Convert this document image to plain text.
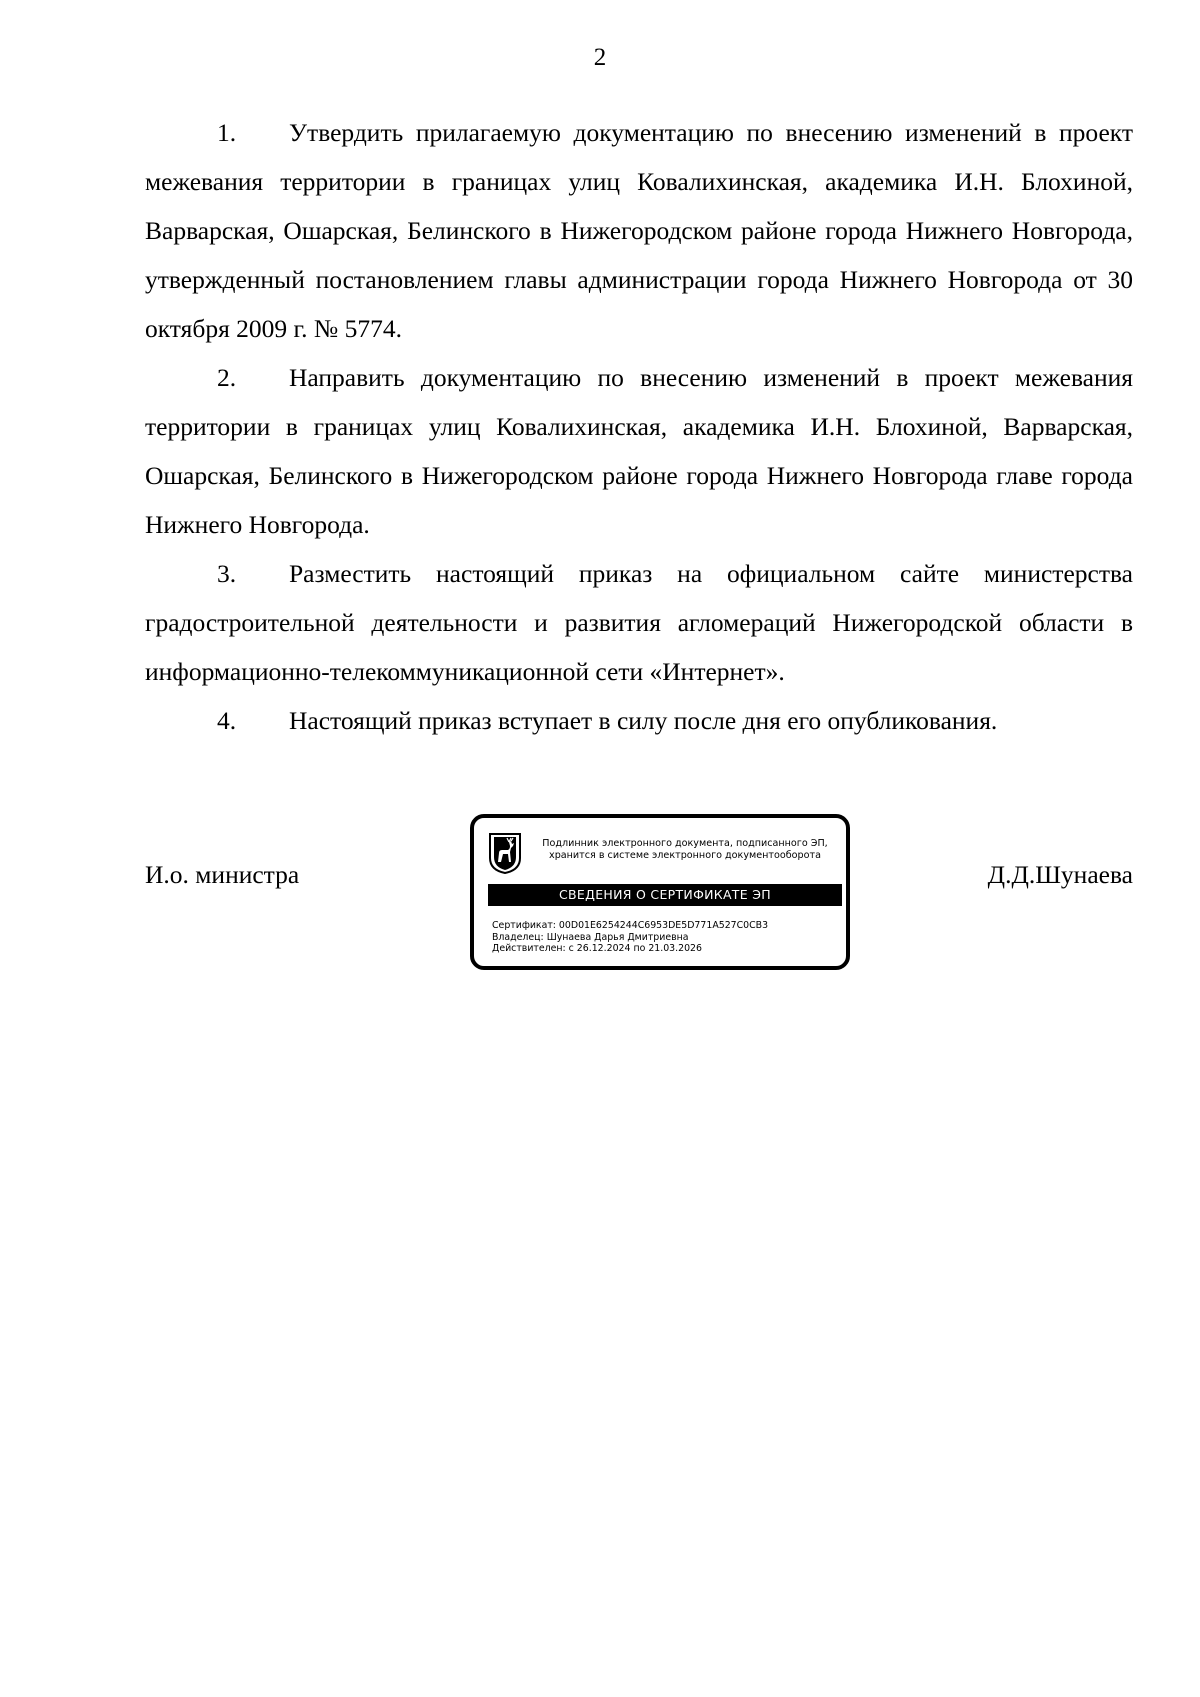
2

1. Утвердить прилагаемую документацию по внесению изменений в проект межевания территории в границах улиц Ковалихинская, академика И.Н. Блохиной, Варварская, Ошарская, Белинского в Нижегородском районе города Нижнего Новгорода, утвержденный постановлением главы администрации города Нижнего Новгорода от 30 октября 2009 г. № 5774.

2. Направить документацию по внесению изменений в проект межевания территории в границах улиц Ковалихинская, академика И.Н. Блохиной, Варварская, Ошарская, Белинского в Нижегородском районе города Нижнего Новгорода главе города Нижнего Новгорода.

3. Разместить настоящий приказ на официальном сайте министерства градостроительной деятельности и развития агломераций Нижегородской области в информационно-телекоммуникационной сети «Интернет».

4. Настоящий приказ вступает в силу после дня его опубликования.

И.о. министра	Д.Д.Шунаева
Подлинник электронного документа, подписанного ЭП,
хранится в системе электронного документооборота
СВЕДЕНИЯ О СЕРТИФИКАТЕ ЭП
Сертификат: 00D01E6254244C6953DE5D771A527C0CB3
Владелец: Шунаева Дарья Дмитриевна
Действителен: с 26.12.2024 по 21.03.2026
